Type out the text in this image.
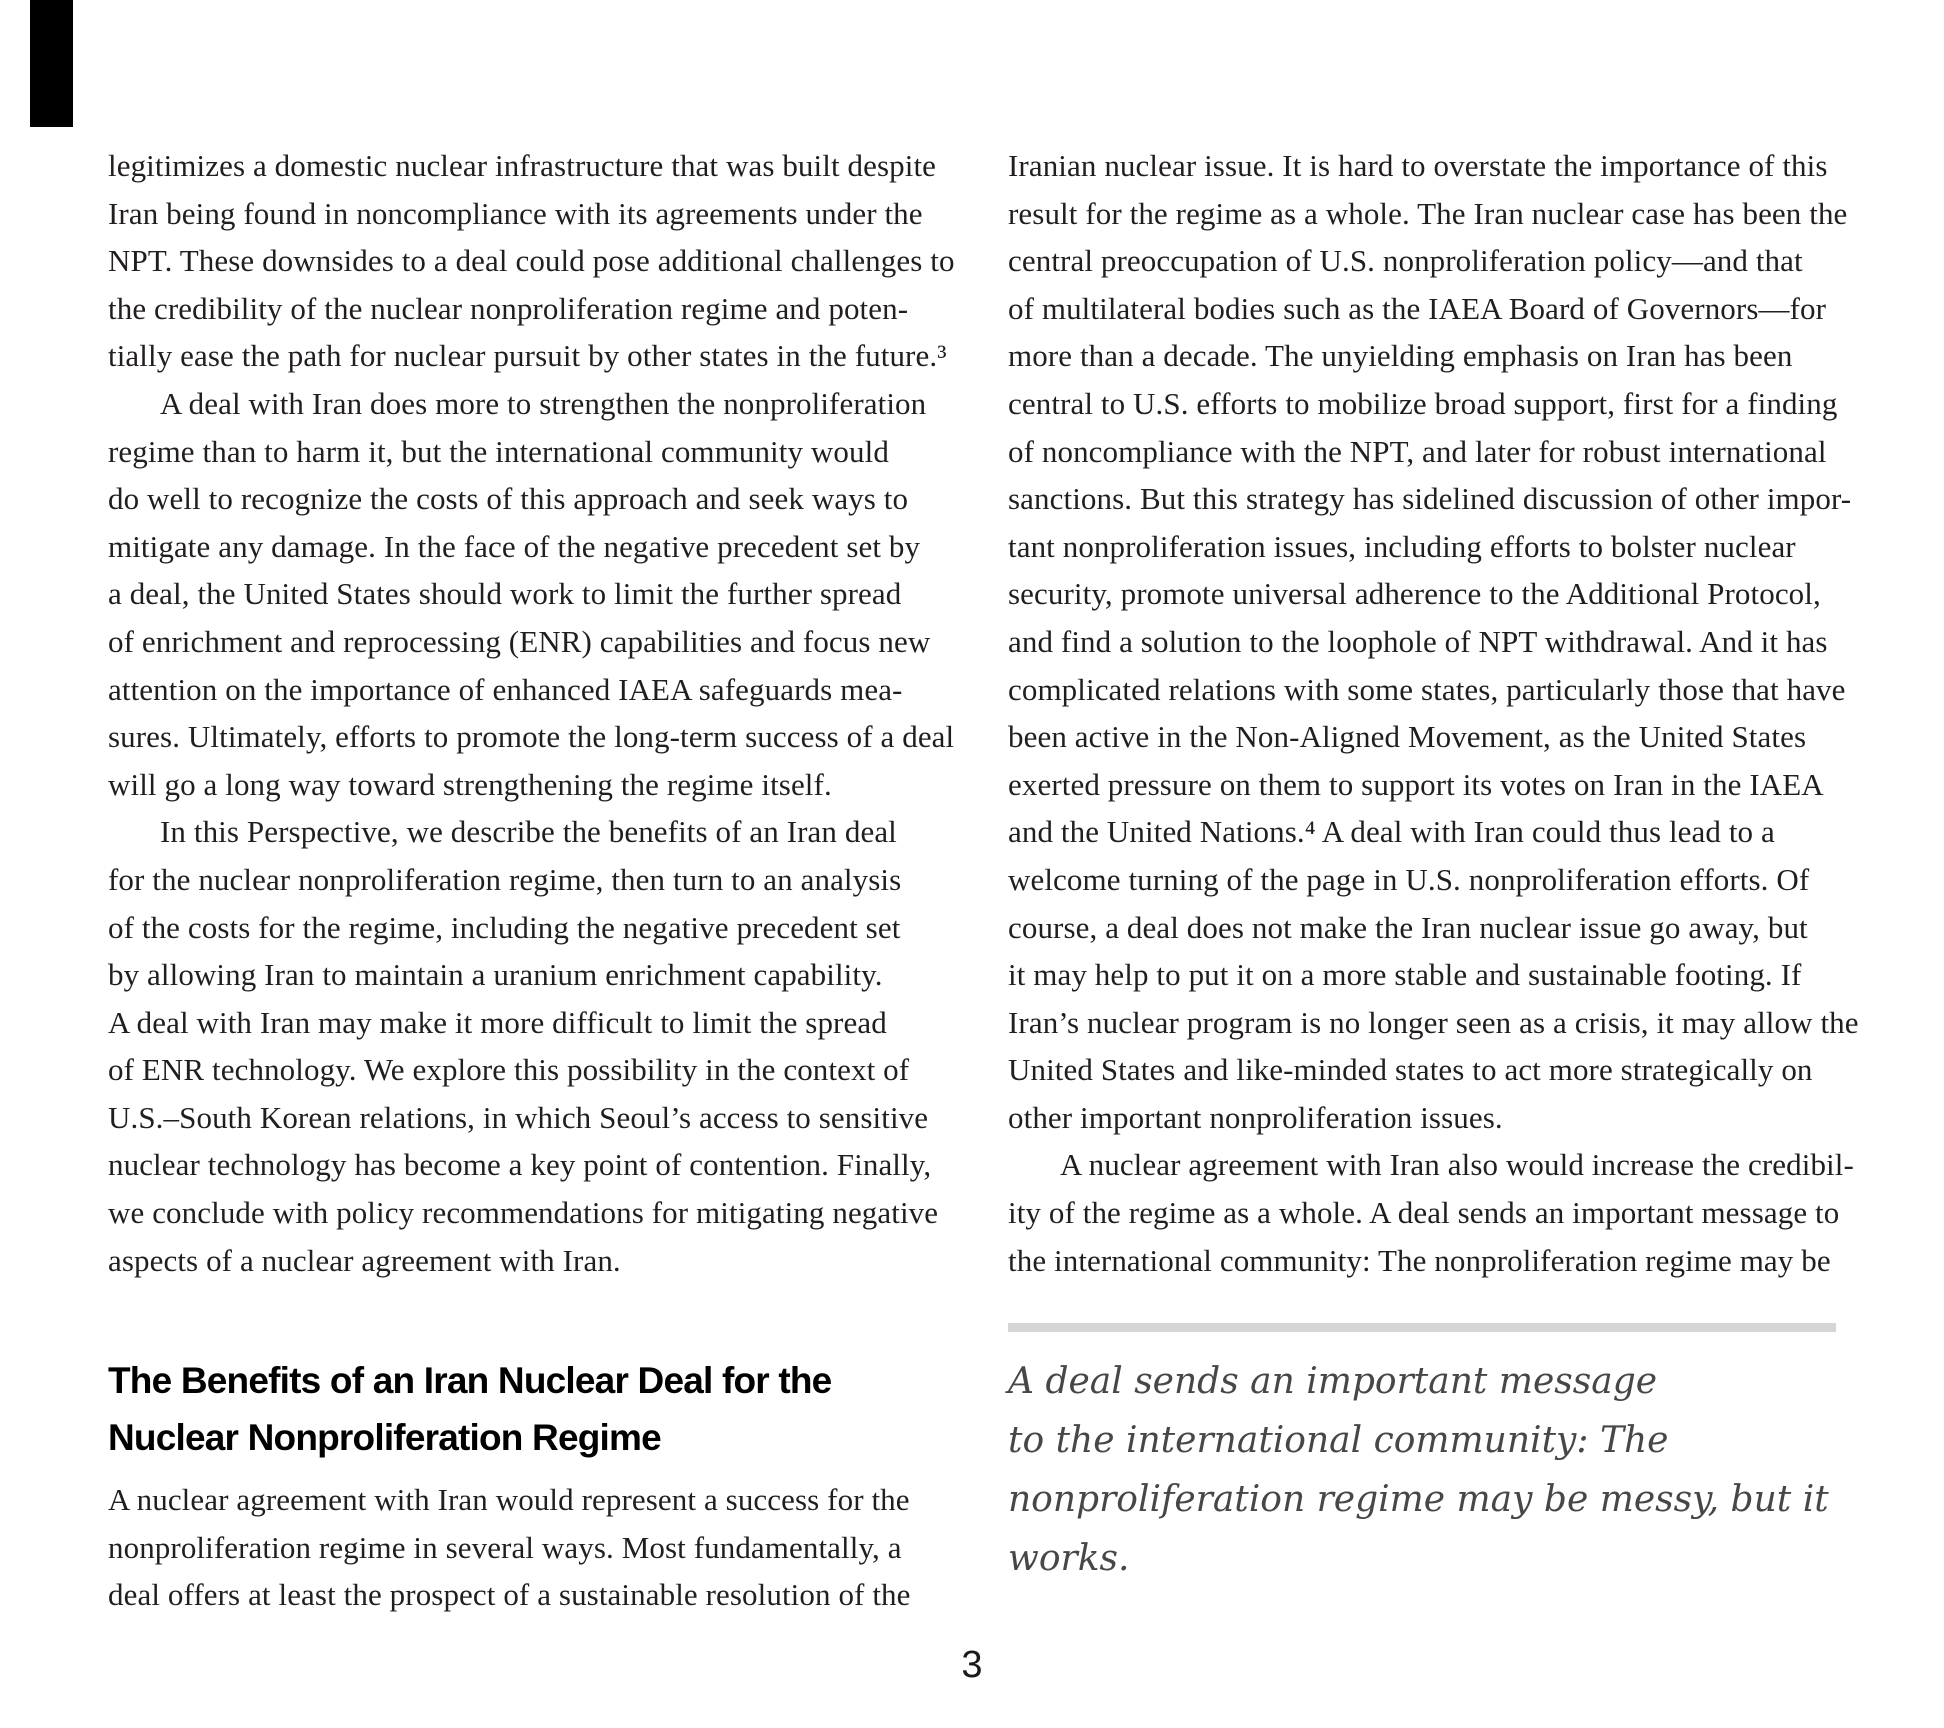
legitimizes a domestic nuclear infrastructure that was built despite
Iran being found in noncompliance with its agreements under the
NPT. These downsides to a deal could pose additional challenges to
the credibility of the nuclear nonproliferation regime and poten-
tially ease the path for nuclear pursuit by other states in the future.³
A deal with Iran does more to strengthen the nonproliferation
regime than to harm it, but the international community would
do well to recognize the costs of this approach and seek ways to
mitigate any damage. In the face of the negative precedent set by
a deal, the United States should work to limit the further spread
of enrichment and reprocessing (ENR) capabilities and focus new
attention on the importance of enhanced IAEA safeguards mea-
sures. Ultimately, efforts to promote the long-term success of a deal
will go a long way toward strengthening the regime itself.
In this Perspective, we describe the benefits of an Iran deal
for the nuclear nonproliferation regime, then turn to an analysis
of the costs for the regime, including the negative precedent set
by allowing Iran to maintain a uranium enrichment capability.
A deal with Iran may make it more difficult to limit the spread
of ENR technology. We explore this possibility in the context of
U.S.–South Korean relations, in which Seoul’s access to sensitive
nuclear technology has become a key point of contention. Finally,
we conclude with policy recommendations for mitigating negative
aspects of a nuclear agreement with Iran.
The Benefits of an Iran Nuclear Deal for the
Nuclear Nonproliferation Regime
A nuclear agreement with Iran would represent a success for the
nonproliferation regime in several ways. Most fundamentally, a
deal offers at least the prospect of a sustainable resolution of the
Iranian nuclear issue. It is hard to overstate the importance of this
result for the regime as a whole. The Iran nuclear case has been the
central preoccupation of U.S. nonproliferation policy—and that
of multilateral bodies such as the IAEA Board of Governors—for
more than a decade. The unyielding emphasis on Iran has been
central to U.S. efforts to mobilize broad support, first for a finding
of noncompliance with the NPT, and later for robust international
sanctions. But this strategy has sidelined discussion of other impor-
tant nonproliferation issues, including efforts to bolster nuclear
security, promote universal adherence to the Additional Protocol,
and find a solution to the loophole of NPT withdrawal. And it has
complicated relations with some states, particularly those that have
been active in the Non-Aligned Movement, as the United States
exerted pressure on them to support its votes on Iran in the IAEA
and the United Nations.⁴ A deal with Iran could thus lead to a
welcome turning of the page in U.S. nonproliferation efforts. Of
course, a deal does not make the Iran nuclear issue go away, but
it may help to put it on a more stable and sustainable footing. If
Iran’s nuclear program is no longer seen as a crisis, it may allow the
United States and like-minded states to act more strategically on
other important nonproliferation issues.
A nuclear agreement with Iran also would increase the credibil-
ity of the regime as a whole. A deal sends an important message to
the international community: The nonproliferation regime may be
A deal sends an important message
to the international community: The
nonproliferation regime may be messy, but it
works.
3
